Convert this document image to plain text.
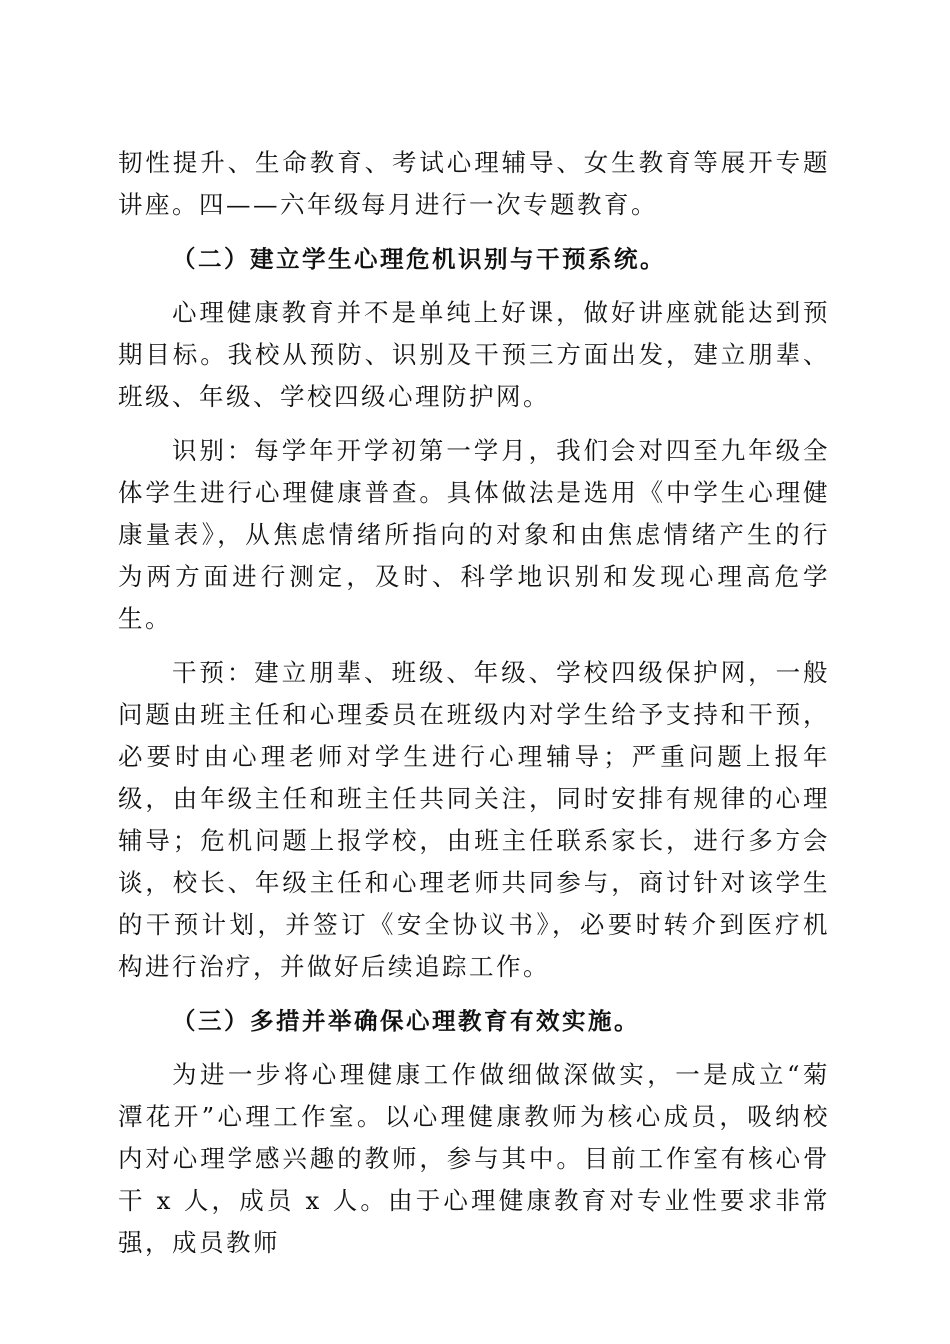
韧性提升、生命教育、考试心理辅导、女生教育等展开专题讲座。四——六年级每月进行一次专题教育。

（二）建立学生心理危机识别与干预系统。

心理健康教育并不是单纯上好课，做好讲座就能达到预期目标。我校从预防、识别及干预三方面出发，建立朋辈、班级、年级、学校四级心理防护网。

识别：每学年开学初第一学月，我们会对四至九年级全体学生进行心理健康普查。具体做法是选用《中学生心理健康量表》，从焦虑情绪所指向的对象和由焦虑情绪产生的行为两方面进行测定，及时、科学地识别和发现心理高危学生。

干预：建立朋辈、班级、年级、学校四级保护网，一般问题由班主任和心理委员在班级内对学生给予支持和干预，必要时由心理老师对学生进行心理辅导；严重问题上报年级，由年级主任和班主任共同关注，同时安排有规律的心理辅导；危机问题上报学校，由班主任联系家长，进行多方会谈，校长、年级主任和心理老师共同参与，商讨针对该学生的干预计划，并签订《安全协议书》，必要时转介到医疗机构进行治疗，并做好后续追踪工作。

（三）多措并举确保心理教育有效实施。

为进一步将心理健康工作做细做深做实，一是成立“菊潭花开”心理工作室。以心理健康教师为核心成员，吸纳校内对心理学感兴趣的教师，参与其中。目前工作室有核心骨干 x 人，成员 x 人。由于心理健康教育对专业性要求非常强，成员教师
